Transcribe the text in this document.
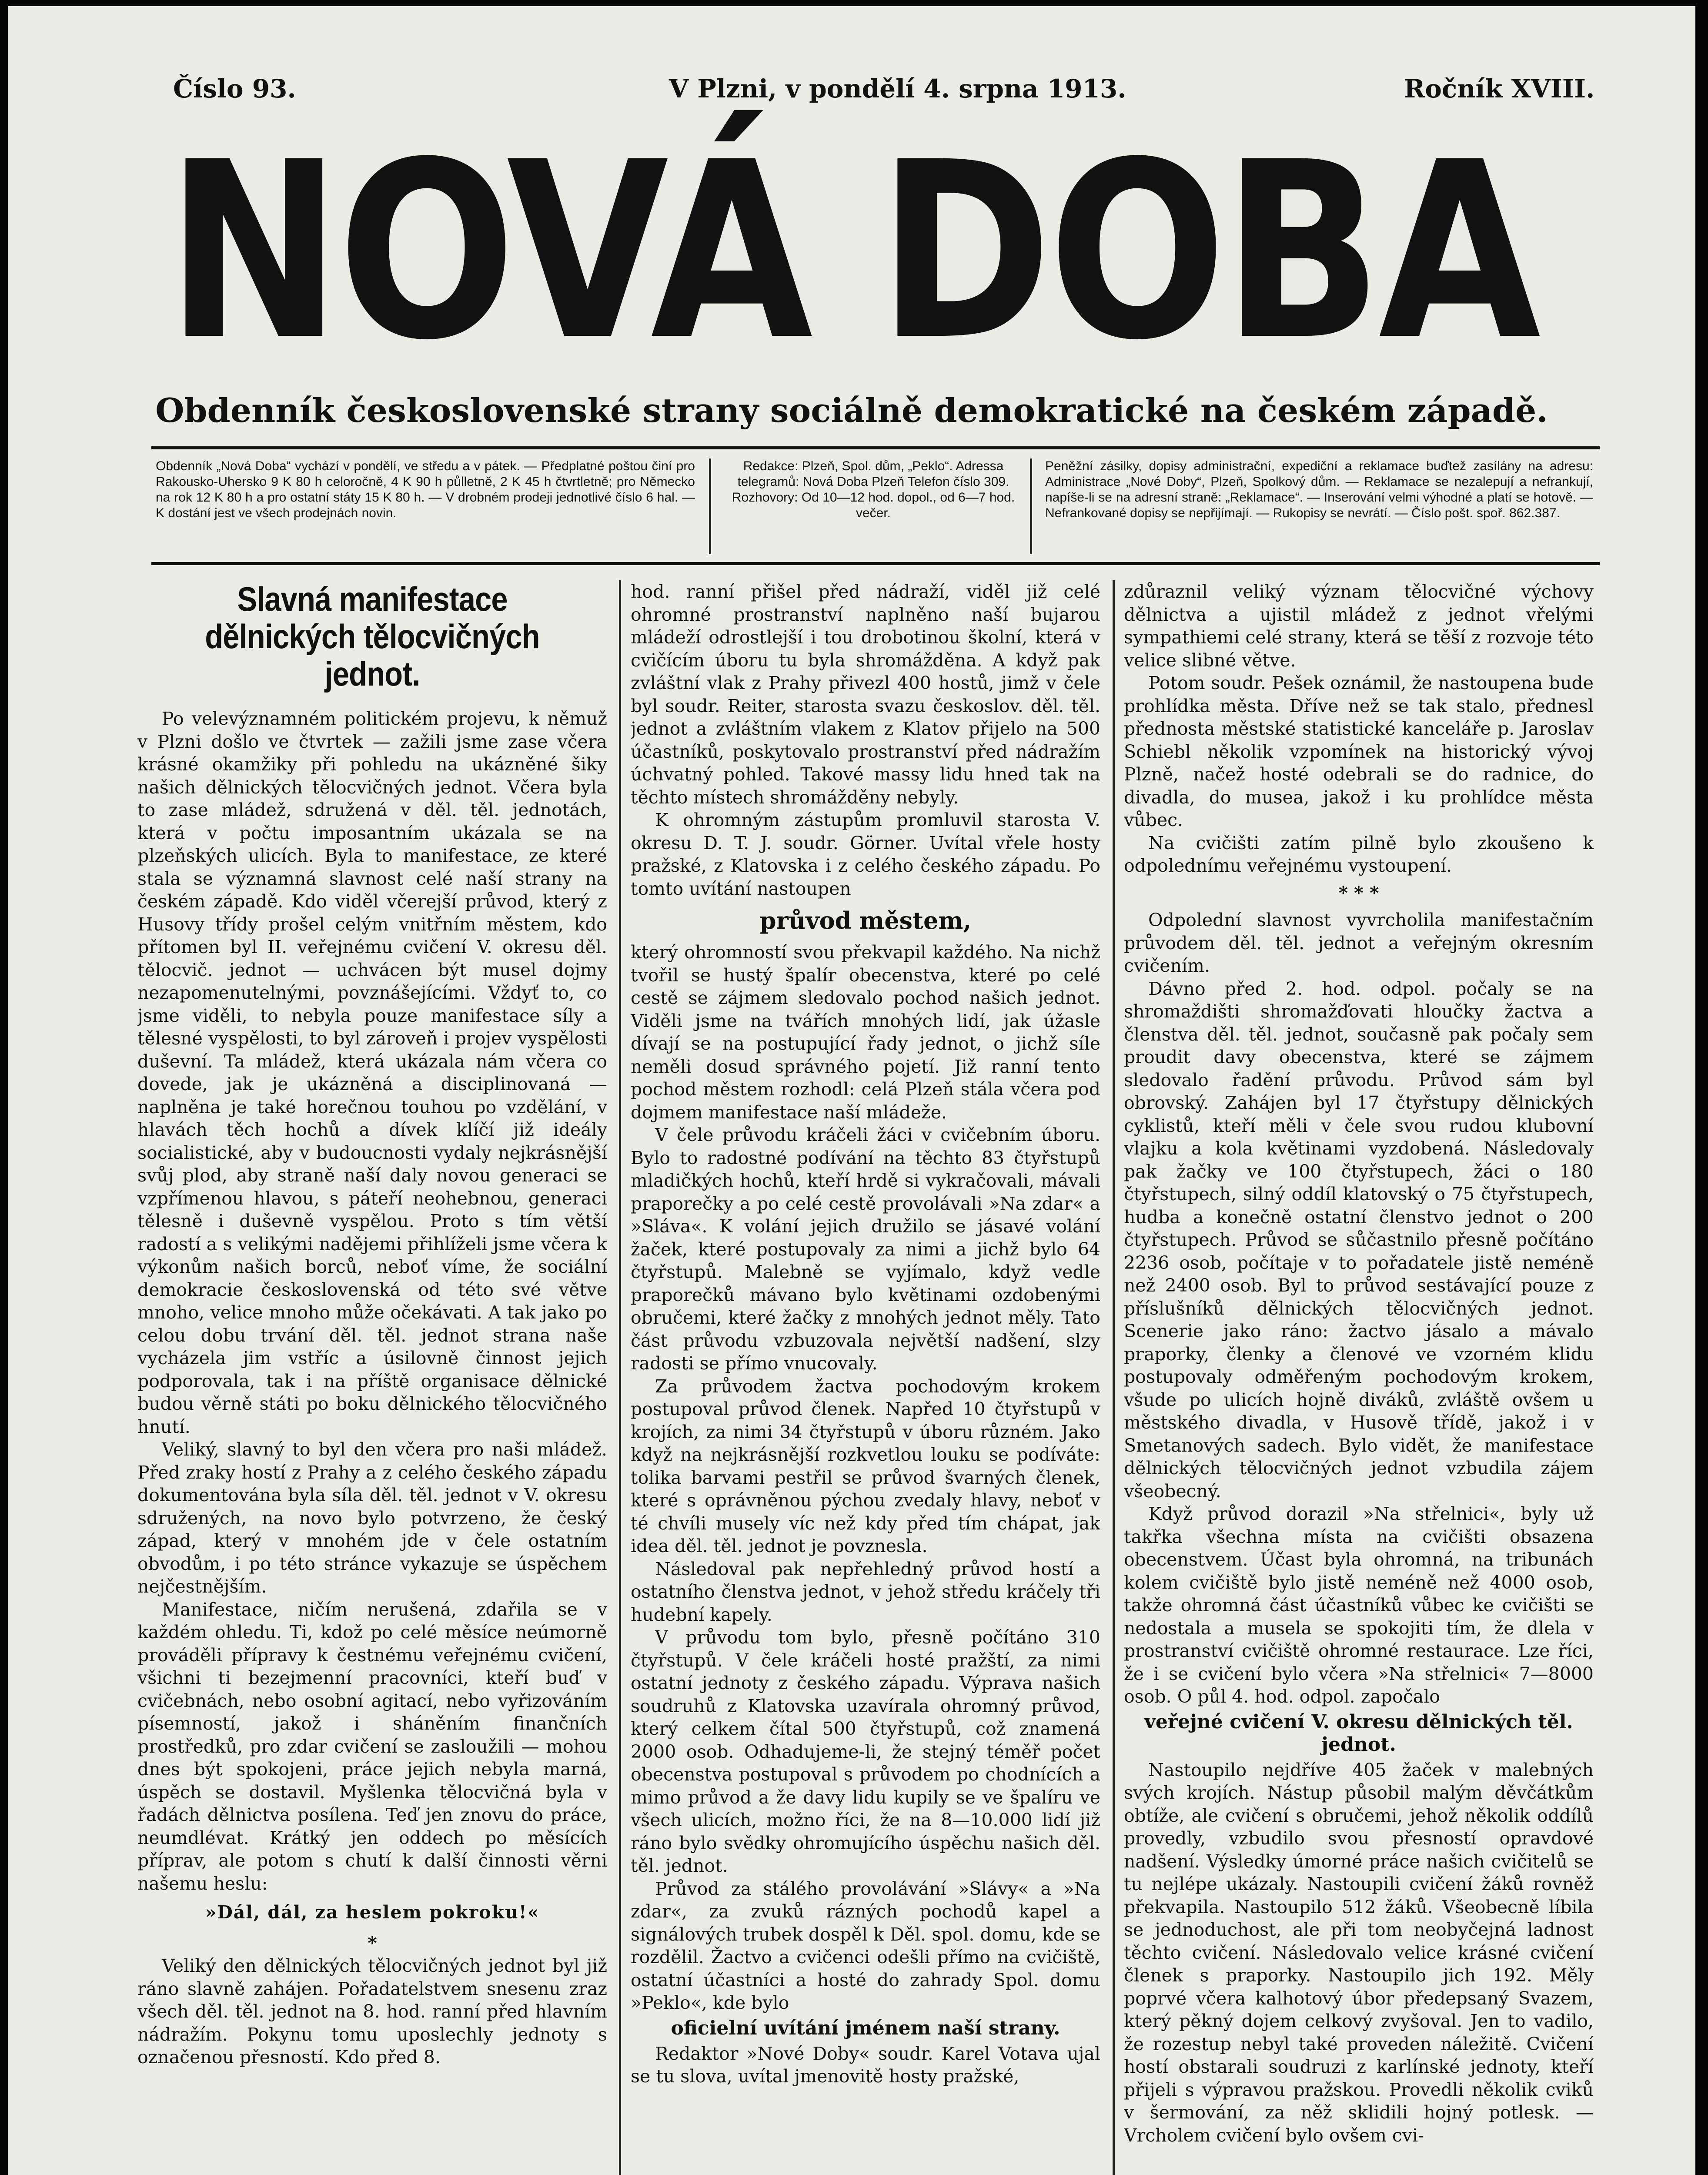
Číslo 93.	V Plzni, v pondělí 4. srpna 1913.	Ročník XVIII.
NOVÁ DOBA
Obdenník československé strany sociálně demokratické na českém západě.
Obdenník „Nová Doba“ vychází v pondělí, ve středu a v pátek. — Předplatné poštou činí pro Rakousko-Uhersko 9 K 80 h celoročně, 4 K 90 h půlletně, 2 K 45 h čtvrtletně; pro Německo na rok 12 K 80 h a pro ostatní státy 15 K 80 h. — V drobném prodeji jednotlivé číslo 6 hal. — K dostání jest ve všech prodejnách novin.
Redakce: Plzeň, Spol. dům, „Peklo“. Adressa telegramů: Nová Doba Plzeň Telefon číslo 309. Rozhovory: Od 10—12 hod. dopol., od 6—7 hod. večer.
Peněžní zásilky, dopisy administrační, expediční a reklamace buďtež zasílány na adresu: Administrace „Nové Doby“, Plzeň, Spolkový dům. — Reklamace se nezalepují a nefrankují, napíše-li se na adresní straně: „Reklamace“. — Inserování velmi výhodné a platí se hotově. — Nefrankované dopisy se nepřijímají. — Rukopisy se nevrátí. — Číslo pošt. spoř. 862.387.
Slavná manifestace dělnických tělocvičných jednot.

Po velevýznamném politickém projevu, k němuž v Plzni došlo ve čtvrtek — zažili jsme zase včera krásné okamžiky při pohledu na ukázněné šiky našich dělnických tělocvičných jednot. Včera byla to zase mládež, sdružená v děl. těl. jednotách, která v počtu imposantním ukázala se na plzeňských ulicích. Byla to manifestace, ze které stala se významná slavnost celé naší strany na českém západě. Kdo viděl včerejší průvod, který z Husovy třídy prošel celým vnitřním městem, kdo přítomen byl II. veřejnému cvičení V. okresu děl. tělocvič. jednot — uchvácen být musel dojmy nezapomenutelnými, povznášejícími. Vždyť to, co jsme viděli, to nebyla pouze manifestace síly a tělesné vyspělosti, to byl zároveň i projev vyspělosti duševní. Ta mládež, která ukázala nám včera co dovede, jak je ukázněná a disciplinovaná — naplněna je také horečnou touhou po vzdělání, v hlavách těch hochů a dívek klíčí již ideály socialistické, aby v budoucnosti vydaly nejkrásnější svůj plod, aby straně naší daly novou generaci se vzpřímenou hlavou, s páteří neohebnou, generaci tělesně i duševně vyspělou. Proto s tím větší radostí a s velikými nadějemi přihlíželi jsme včera k výkonům našich borců, neboť víme, že sociální demokracie československá od této své větve mnoho, velice mnoho může očekávati. A tak jako po celou dobu trvání děl. těl. jednot strana naše vycházela jim vstříc a úsilovně činnost jejich podporovala, tak i na příště organisace dělnické budou věrně státi po boku dělnického tělocvičného hnutí.

Veliký, slavný to byl den včera pro naši mládež. Před zraky hostí z Prahy a z celého českého západu dokumentována byla síla děl. těl. jednot v V. okresu sdružených, na novo bylo potvrzeno, že český západ, který v mnohém jde v čele ostatním obvodům, i po této stránce vykazuje se úspěchem nejčestnějším.

Manifestace, ničím nerušená, zdařila se v každém ohledu. Ti, kdož po celé měsíce neúmorně prováděli přípravy k čestnému veřejnému cvičení, všichni ti bezejmenní pracovníci, kteří buď v cvičebnách, nebo osobní agitací, nebo vyřizováním písemností, jakož i sháněním finančních prostředků, pro zdar cvičení se zasloužili — mohou dnes být spokojeni, práce jejich nebyla marná, úspěch se dostavil. Myšlenka tělocvičná byla v řadách dělnictva posílena. Teď jen znovu do práce, neumdlévat. Krátký jen oddech po měsících příprav, ale potom s chutí k další činnosti věrni našemu heslu:

»Dál, dál, za heslem pokroku!«

*

Veliký den dělnických tělocvičných jednot byl již ráno slavně zahájen. Pořadatelstvem snesenu zraz všech děl. těl. jednot na 8. hod. ranní před hlavním nádražím. Pokynu tomu uposlechly jednoty s označenou přesností. Kdo před 8.

hod. ranní přišel před nádraží, viděl již celé ohromné prostranství naplněno naší bujarou mládeží odrostlejší i tou drobotinou školní, která v cvičícím úboru tu byla shromážděna. A když pak zvláštní vlak z Prahy přivezl 400 hostů, jimž v čele byl soudr. Reiter, starosta svazu českoslov. děl. těl. jednot a zvláštním vlakem z Klatov přijelo na 500 účastníků, poskytovalo prostranství před nádražím úchvatný pohled. Takové massy lidu hned tak na těchto místech shromážděny nebyly.

K ohromným zástupům promluvil starosta V. okresu D. T. J. soudr. Görner. Uvítal vřele hosty pražské, z Klatovska i z celého českého západu. Po tomto uvítání nastoupen

průvod městem,

který ohromností svou překvapil každého. Na nichž tvořil se hustý špalír obecenstva, které po celé cestě se zájmem sledovalo pochod našich jednot. Viděli jsme na tvářích mnohých lidí, jak úžasle dívají se na postupující řady jednot, o jichž síle neměli dosud správného pojetí. Již ranní tento pochod městem rozhodl: celá Plzeň stála včera pod dojmem manifestace naší mládeže.

V čele průvodu kráčeli žáci v cvičebním úboru. Bylo to radostné podívání na těchto 83 čtyřstupů mladičkých hochů, kteří hrdě si vykračovali, mávali praporečky a po celé cestě provolávali »Na zdar« a »Sláva«. K volání jejich družilo se jásavé volání žaček, které postupovaly za nimi a jichž bylo 64 čtyřstupů. Malebně se vyjímalo, když vedle praporečků mávano bylo květinami ozdobenými obručemi, které žačky z mnohých jednot měly. Tato část průvodu vzbuzovala největší nadšení, slzy radosti se přímo vnucovaly.

Za průvodem žactva pochodovým krokem postupoval průvod členek. Napřed 10 čtyřstupů v krojích, za nimi 34 čtyřstupů v úboru různém. Jako když na nejkrásnější rozkvetlou louku se podíváte: tolika barvami pestřil se průvod švarných členek, které s oprávněnou pýchou zvedaly hlavy, neboť v té chvíli musely víc než kdy před tím chápat, jak idea děl. těl. jednot je povznesla.

Následoval pak nepřehledný průvod hostí a ostatního členstva jednot, v jehož středu kráčely tři hudební kapely.

V průvodu tom bylo, přesně počítáno 310 čtyřstupů. V čele kráčeli hosté pražští, za nimi ostatní jednoty z českého západu. Výprava našich soudruhů z Klatovska uzavírala ohromný průvod, který celkem čítal 500 čtyřstupů, což znamená 2000 osob. Odhadujeme-li, že stejný téměř počet obecenstva postupoval s průvodem po chodnících a mimo průvod a že davy lidu kupily se ve špalíru ve všech ulicích, možno říci, že na 8—10.000 lidí již ráno bylo svědky ohromujícího úspěchu našich děl. těl. jednot.

Průvod za stálého provolávání »Slávy« a »Na zdar«, za zvuků rázných pochodů kapel a signálových trubek dospěl k Děl. spol. domu, kde se rozdělil. Žactvo a cvičenci odešli přímo na cvičiště, ostatní účastníci a hosté do zahrady Spol. domu »Peklo«, kde bylo

oficielní uvítání jménem naší strany.

Redaktor »Nové Doby« soudr. Karel Votava ujal se tu slova, uvítal jmenovitě hosty pražské,

zdůraznil veliký význam tělocvičné výchovy dělnictva a ujistil mládež z jednot vřelými sympathiemi celé strany, která se těší z rozvoje této velice slibné větve.

Potom soudr. Pešek oznámil, že nastoupena bude prohlídka města. Dříve než se tak stalo, přednesl přednosta městské statistické kanceláře p. Jaroslav Schiebl několik vzpomínek na historický vývoj Plzně, načež hosté odebrali se do radnice, do divadla, do musea, jakož i ku prohlídce města vůbec.

Na cvičišti zatím pilně bylo zkoušeno k odpolednímu veřejnému vystoupení.

* * *

Odpolední slavnost vyvrcholila manifestačním průvodem děl. těl. jednot a veřejným okresním cvičením.

Dávno před 2. hod. odpol. počaly se na shromaždišti shromažďovati hloučky žactva a členstva děl. těl. jednot, současně pak počaly sem proudit davy obecenstva, které se zájmem sledovalo řadění průvodu. Průvod sám byl obrovský. Zahájen byl 17 čtyřstupy dělnických cyklistů, kteří měli v čele svou rudou klubovní vlajku a kola květinami vyzdobená. Následovaly pak žačky ve 100 čtyřstupech, žáci o 180 čtyřstupech, silný oddíl klatovský o 75 čtyřstupech, hudba a konečně ostatní členstvo jednot o 200 čtyřstupech. Průvod se sůčastnilo přesně počítáno 2236 osob, počítaje v to pořadatele jistě neméně než 2400 osob. Byl to průvod sestávající pouze z příslušníků dělnických tělocvičných jednot. Scenerie jako ráno: žactvo jásalo a mávalo praporky, členky a členové ve vzorném klidu postupovaly odměřeným pochodovým krokem, všude po ulicích hojně diváků, zvláště ovšem u městského divadla, v Husově třídě, jakož i v Smetanových sadech. Bylo vidět, že manifestace dělnických tělocvičných jednot vzbudila zájem všeobecný.

Když průvod dorazil »Na střelnici«, byly už takřka všechna místa na cvičišti obsazena obecenstvem. Účast byla ohromná, na tribunách kolem cvičiště bylo jistě neméně než 4000 osob, takže ohromná část účastníků vůbec ke cvičišti se nedostala a musela se spokojiti tím, že dlela v prostranství cvičiště ohromné restaurace. Lze říci, že i se cvičení bylo včera »Na střelnici« 7—8000 osob. O půl 4. hod. odpol. započalo

veřejné cvičení V. okresu dělnických těl. jednot.

Nastoupilo nejdříve 405 žaček v malebných svých krojích. Nástup působil malým děvčátkům obtíže, ale cvičení s obručemi, jehož několik oddílů provedly, vzbudilo svou přesností opravdové nadšení. Výsledky úmorné práce našich cvičitelů se tu nejlépe ukázaly. Nastoupili cvičení žáků rovněž překvapila. Nastoupilo 512 žáků. Všeobecně líbila se jednoduchost, ale při tom neobyčejná ladnost těchto cvičení. Následovalo velice krásné cvičení členek s praporky. Nastoupilo jich 192. Měly poprvé včera kalhotový úbor předepsaný Svazem, který pěkný dojem celkový zvyšoval. Jen to vadilo, že rozestup nebyl také proveden náležitě. Cvičení hostí obstarali soudruzi z karlínské jednoty, kteří přijeli s výpravou pražskou. Provedli několik cviků v šermování, za něž sklidili hojný potlesk. — Vrcholem cvičení bylo ovšem cvi-
